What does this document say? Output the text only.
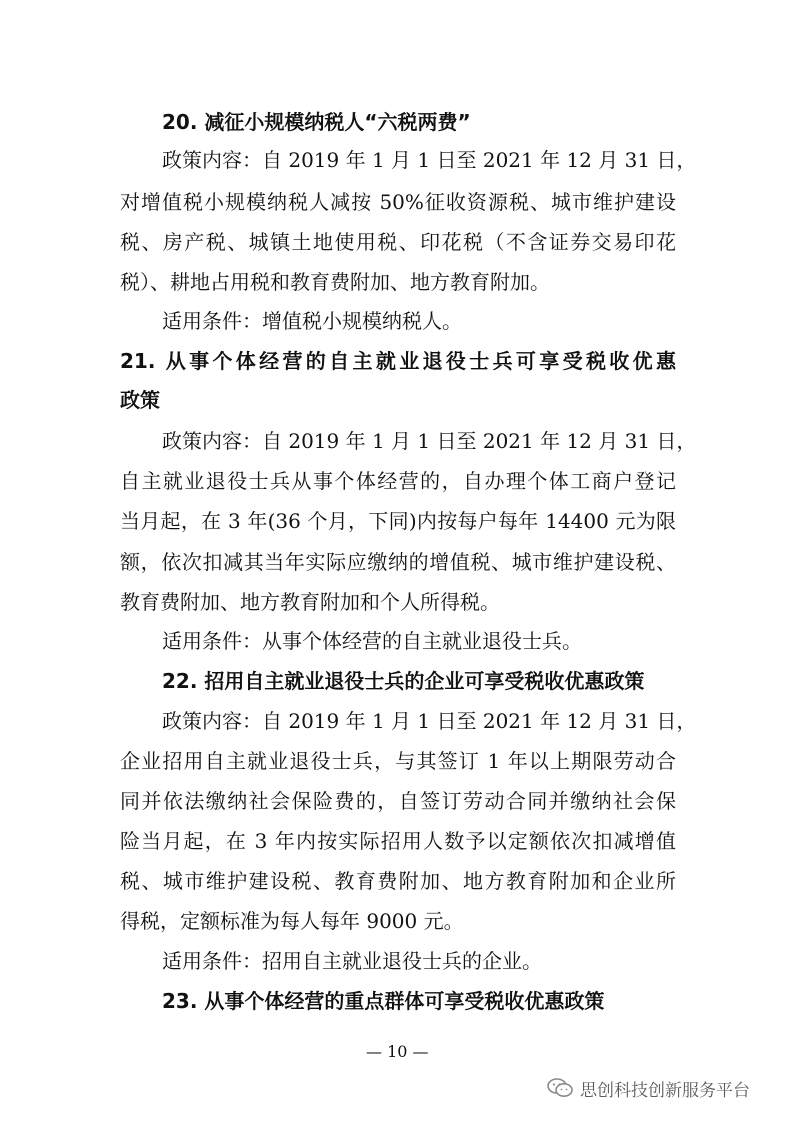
20. 减征小规模纳税人“六税两费”
政策内容：自 2019 年 1 月 1 日至 2021 年 12 月 31 日，
对增值税小规模纳税人减按 50%征收资源税、城市维护建设
税、房产税、城镇土地使用税、印花税（不含证券交易印花
税）、耕地占用税和教育费附加、地方教育附加。
适用条件：增值税小规模纳税人。
21. 从事个体经营的自主就业退役士兵可享受税收优惠
政策
政策内容：自 2019 年 1 月 1 日至 2021 年 12 月 31 日，
自主就业退役士兵从事个体经营的，自办理个体工商户登记
当月起，在 3 年(36 个月，下同)内按每户每年 14400 元为限
额，依次扣减其当年实际应缴纳的增值税、城市维护建设税、
教育费附加、地方教育附加和个人所得税。
适用条件：从事个体经营的自主就业退役士兵。
22. 招用自主就业退役士兵的企业可享受税收优惠政策
政策内容：自 2019 年 1 月 1 日至 2021 年 12 月 31 日，
企业招用自主就业退役士兵，与其签订 1 年以上期限劳动合
同并依法缴纳社会保险费的，自签订劳动合同并缴纳社会保
险当月起，在 3 年内按实际招用人数予以定额依次扣减增值
税、城市维护建设税、教育费附加、地方教育附加和企业所
得税，定额标准为每人每年 9000 元。
适用条件：招用自主就业退役士兵的企业。
23. 从事个体经营的重点群体可享受税收优惠政策
— 10 —
思创科技创新服务平台
